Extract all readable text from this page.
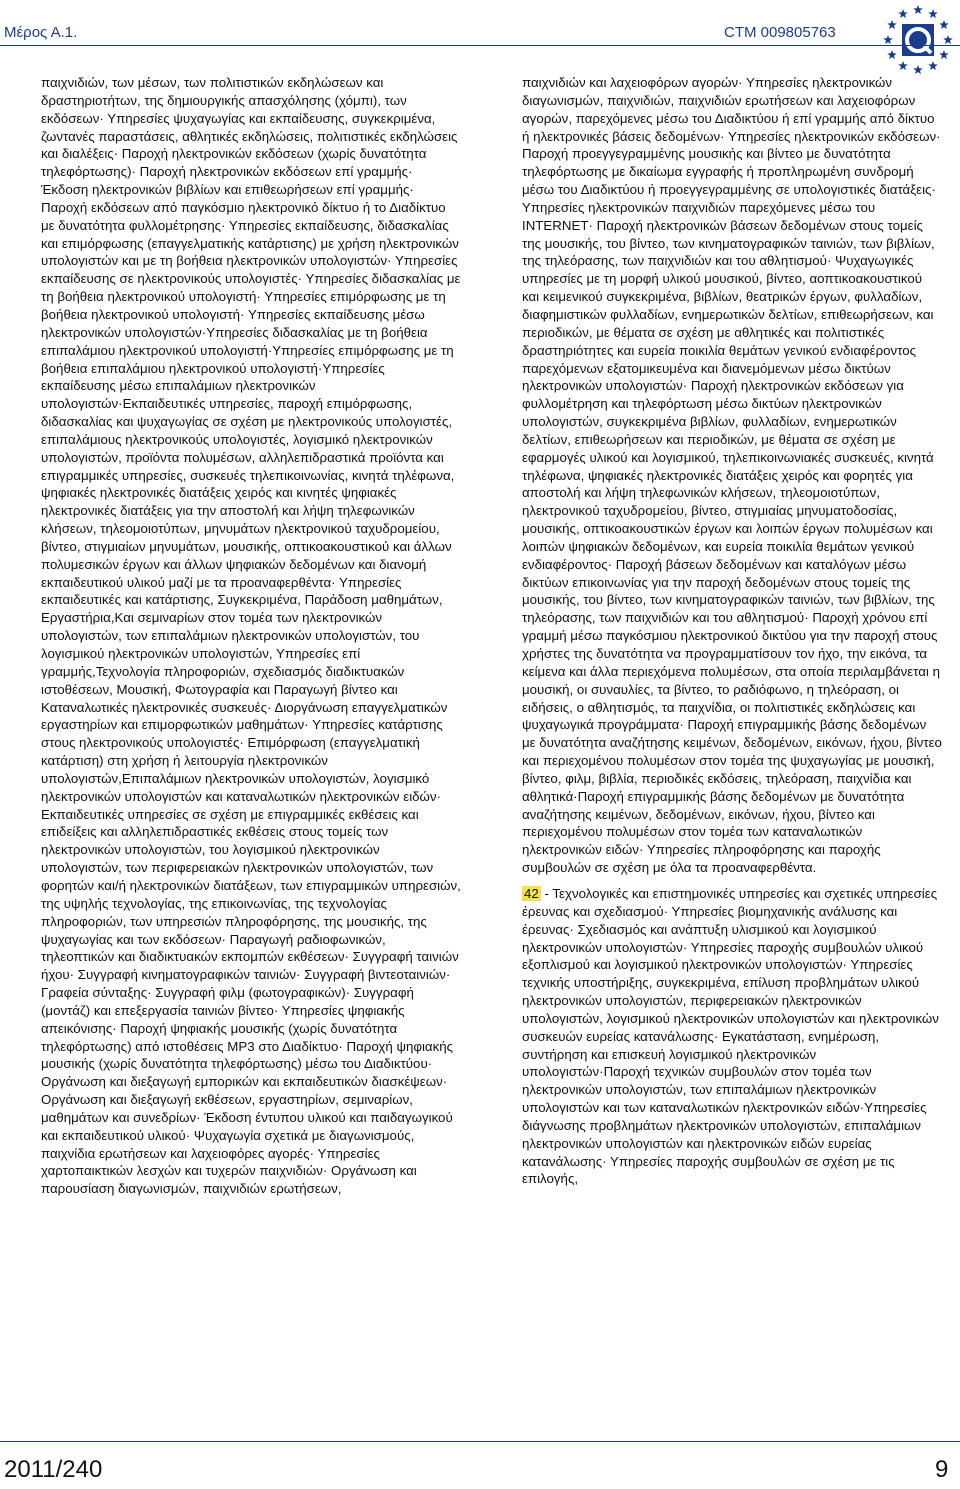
Μέρος Α.1.	CTM 009805763

παιχνιδιών, των μέσων, των πολιτιστικών εκδηλώσεων και δραστηριοτήτων, της δημιουργικής απασχόλησης (χόμπι), των εκδόσεων· Υπηρεσίες ψυχαγωγίας και εκπαίδευσης, συγκεκριμένα, ζωντανές παραστάσεις, αθλητικές εκδηλώσεις, πολιτιστικές εκδηλώσεις και διαλέξεις· Παροχή ηλεκτρονικών εκδόσεων (χωρίς δυνατότητα τηλεφόρτωσης)· Παροχή ηλεκτρονικών εκδόσεων επί γραμμής· Έκδοση ηλεκτρονικών βιβλίων και επιθεωρήσεων επί γραμμής· Παροχή εκδόσεων από παγκόσμιο ηλεκτρονικό δίκτυο ή το Διαδίκτυο με δυνατότητα φυλλομέτρησης· Υπηρεσίες εκπαίδευσης, διδασκαλίας και επιμόρφωσης (επαγγελματικής κατάρτισης) με χρήση ηλεκτρονικών υπολογιστών και με τη βοήθεια ηλεκτρονικών υπολογιστών· Υπηρεσίες εκπαίδευσης σε ηλεκτρονικούς υπολογιστές· Υπηρεσίες διδασκαλίας με τη βοήθεια ηλεκτρονικού υπολογιστή· Υπηρεσίες επιμόρφωσης με τη βοήθεια ηλεκτρονικού υπολογιστή· Υπηρεσίες εκπαίδευσης μέσω ηλεκτρονικών υπολογιστών·Υπηρεσίες διδασκαλίας με τη βοήθεια επιπαλάμιου ηλεκτρονικού υπολογιστή·Υπηρεσίες επιμόρφωσης με τη βοήθεια επιπαλάμιου ηλεκτρονικού υπολογιστή·Υπηρεσίες εκπαίδευσης μέσω επιπαλάμιων ηλεκτρονικών υπολογιστών·Εκπαιδευτικές υπηρεσίες, παροχή επιμόρφωσης, διδασκαλίας και ψυχαγωγίας σε σχέση με ηλεκτρονικούς υπολογιστές, επιπαλάμιους ηλεκτρονικούς υπολογιστές, λογισμικό ηλεκτρονικών υπολογιστών, προϊόντα πολυμέσων, αλληλεπιδραστικά προϊόντα και επιγραμμικές υπηρεσίες, συσκευές τηλεπικοινωνίας, κινητά τηλέφωνα, ψηφιακές ηλεκτρονικές διατάξεις χειρός και κινητές ψηφιακές ηλεκτρονικές διατάξεις για την αποστολή και λήψη τηλεφωνικών κλήσεων, τηλεομοιοτύπων, μηνυμάτων ηλεκτρονικού ταχυδρομείου, βίντεο, στιγμιαίων μηνυμάτων, μουσικής, οπτικοακουστικού και άλλων πολυμεσικών έργων και άλλων ψηφιακών δεδομένων και διανομή εκπαιδευτικού υλικού μαζί με τα προαναφερθέντα· Υπηρεσίες εκπαιδευτικές και κατάρτισης, Συγκεκριμένα, Παράδοση μαθημάτων, Εργαστήρια,Και σεμιναρίων στον τομέα των ηλεκτρονικών υπολογιστών, των επιπαλάμιων ηλεκτρονικών υπολογιστών, του λογισμικού ηλεκτρονικών υπολογιστών, Υπηρεσίες επί γραμμής,Τεχνολογία πληροφοριών, σχεδιασμός διαδικτυακών ιστοθέσεων, Μουσική, Φωτογραφία και Παραγωγή βίντεο και Καταναλωτικές ηλεκτρονικές συσκευές· Διοργάνωση επαγγελματικών εργαστηρίων και επιμορφωτικών μαθημάτων· Υπηρεσίες κατάρτισης στους ηλεκτρονικούς υπολογιστές· Επιμόρφωση (επαγγελματική κατάρτιση) στη χρήση ή λειτουργία ηλεκτρονικών υπολογιστών,Επιπαλάμιων ηλεκτρονικών υπολογιστών, λογισμικό ηλεκτρονικών υπολογιστών και καταναλωτικών ηλεκτρονικών ειδών· Εκπαιδευτικές υπηρεσίες σε σχέση με επιγραμμικές εκθέσεις και επιδείξεις και αλληλεπιδραστικές εκθέσεις στους τομείς των ηλεκτρονικών υπολογιστών, του λογισμικού ηλεκτρονικών υπολογιστών, των περιφερειακών ηλεκτρονικών υπολογιστών, των φορητών και/ή ηλεκτρονικών διατάξεων, των επιγραμμικών υπηρεσιών, της υψηλής τεχνολογίας, της επικοινωνίας, της τεχνολογίας πληροφοριών, των υπηρεσιών πληροφόρησης, της μουσικής, της ψυχαγωγίας και των εκδόσεων· Παραγωγή ραδιοφωνικών, τηλεοπτικών και διαδικτυακών εκπομπών εκθέσεων· Συγγραφή ταινιών ήχου· Συγγραφή κινηματογραφικών ταινιών· Συγγραφή βιντεοταινιών· Γραφεία σύνταξης· Συγγραφή φιλμ (φωτογραφικών)· Συγγραφή (μοντάζ) και επεξεργασία ταινιών βίντεο· Υπηρεσίες ψηφιακής απεικόνισης· Παροχή ψηφιακής μουσικής (χωρίς δυνατότητα τηλεφόρτωσης) από ιστοθέσεις MP3 στο Διαδίκτυο· Παροχή ψηφιακής μουσικής (χωρίς δυνατότητα τηλεφόρτωσης) μέσω του Διαδικτύου· Οργάνωση και διεξαγωγή εμπορικών και εκπαιδευτικών διασκέψεων· Οργάνωση και διεξαγωγή εκθέσεων, εργαστηρίων, σεμιναρίων, μαθημάτων και συνεδρίων· Έκδοση έντυπου υλικού και παιδαγωγικού και εκπαιδευτικού υλικού· Ψυχαγωγία σχετικά με διαγωνισμούς, παιχνίδια ερωτήσεων και λαχειοφόρες αγορές· Υπηρεσίες χαρτοπαικτικών λεσχών και τυχερών παιχνιδιών· Οργάνωση και παρουσίαση διαγωνισμών, παιχνιδιών ερωτήσεων,

παιχνιδιών και λαχειοφόρων αγορών· Υπηρεσίες ηλεκτρονικών διαγωνισμών, παιχνιδιών, παιχνιδιών ερωτήσεων και λαχειοφόρων αγορών, παρεχόμενες μέσω του Διαδικτύου ή επί γραμμής από δίκτυο ή ηλεκτρονικές βάσεις δεδομένων· Υπηρεσίες ηλεκτρονικών εκδόσεων· Παροχή προεγγεγραμμένης μουσικής και βίντεο με δυνατότητα τηλεφόρτωσης με δικαίωμα εγγραφής ή προπληρωμένη συνδρομή μέσω του Διαδικτύου ή προεγγεγραμμένης σε υπολογιστικές διατάξεις· Υπηρεσίες ηλεκτρονικών παιχνιδιών παρεχόμενες μέσω του INTERNET· Παροχή ηλεκτρονικών βάσεων δεδομένων στους τομείς της μουσικής, του βίντεο, των κινηματογραφικών ταινιών, των βιβλίων, της τηλεόρασης, των παιχνιδιών και του αθλητισμού· Ψυχαγωγικές υπηρεσίες με τη μορφή υλικού μουσικού, βίντεο, αοπτικοακουστικού και κειμενικού συγκεκριμένα, βιβλίων, θεατρικών έργων, φυλλαδίων, διαφημιστικών φυλλαδίων, ενημερωτικών δελτίων, επιθεωρήσεων, και περιοδικών, με θέματα σε σχέση με αθλητικές και πολιτιστικές δραστηριότητες και ευρεία ποικιλία θεμάτων γενικού ενδιαφέροντος παρεχόμενων εξατομικευμένα και διανεμόμενων μέσω δικτύων ηλεκτρονικών υπολογιστών· Παροχή ηλεκτρονικών εκδόσεων για φυλλομέτρηση και τηλεφόρτωση μέσω δικτύων ηλεκτρονικών υπολογιστών, συγκεκριμένα βιβλίων, φυλλαδίων, ενημερωτικών δελτίων, επιθεωρήσεων και περιοδικών, με θέματα σε σχέση με εφαρμογές υλικού και λογισμικού, τηλεπικοινωνιακές συσκευές, κινητά τηλέφωνα, ψηφιακές ηλεκτρονικές διατάξεις χειρός και φορητές για αποστολή και λήψη τηλεφωνικών κλήσεων, τηλεομοιοτύπων, ηλεκτρονικού ταχυδρομείου, βίντεο, στιγμιαίας μηνυματοδοσίας, μουσικής, οπτικοακουστικών έργων και λοιπών έργων πολυμέσων και λοιπών ψηφιακών δεδομένων, και ευρεία ποικιλία θεμάτων γενικού ενδιαφέροντος· Παροχή βάσεων δεδομένων και καταλόγων μέσω δικτύων επικοινωνίας για την παροχή δεδομένων στους τομείς της μουσικής, του βίντεο, των κινηματογραφικών ταινιών, των βιβλίων, της τηλεόρασης, των παιχνιδιών και του αθλητισμού· Παροχή χρόνου επί γραμμή μέσω παγκόσμιου ηλεκτρονικού δικτύου για την παροχή στους χρήστες της δυνατότητα να προγραμματίσουν τον ήχο, την εικόνα, τα κείμενα και άλλα περιεχόμενα πολυμέσων, στα οποία περιλαμβάνεται η μουσική, οι συναυλίες, τα βίντεο, το ραδιόφωνο, η τηλεόραση, οι ειδήσεις, ο αθλητισμός, τα παιχνίδια, οι πολιτιστικές εκδηλώσεις και ψυχαγωγικά προγράμματα· Παροχή επιγραμμικής βάσης δεδομένων με δυνατότητα αναζήτησης κειμένων, δεδομένων, εικόνων, ήχου, βίντεο και περιεχομένου πολυμέσων στον τομέα της ψυχαγωγίας με μουσική, βίντεο, φιλμ, βιβλία, περιοδικές εκδόσεις, τηλεόραση, παιχνίδια και αθλητικά·Παροχή επιγραμμικής βάσης δεδομένων με δυνατότητα αναζήτησης κειμένων, δεδομένων, εικόνων, ήχου, βίντεο και περιεχομένου πολυμέσων στον τομέα των καταναλωτικών ηλεκτρονικών ειδών· Υπηρεσίες πληροφόρησης και παροχής συμβουλών σε σχέση με όλα τα προαναφερθέντα.

42 - Τεχνολογικές και επιστημονικές υπηρεσίες και σχετικές υπηρεσίες έρευνας και σχεδιασμού· Υπηρεσίες βιομηχανικής ανάλυσης και έρευνας· Σχεδιασμός και ανάπτυξη υλισμικού και λογισμικού ηλεκτρονικών υπολογιστών· Υπηρεσίες παροχής συμβουλών υλικού εξοπλισμού και λογισμικού ηλεκτρονικών υπολογιστών· Υπηρεσίες τεχνικής υποστήριξης, συγκεκριμένα, επίλυση προβλημάτων υλικού ηλεκτρονικών υπολογιστών, περιφερειακών ηλεκτρονικών υπολογιστών, λογισμικού ηλεκτρονικών υπολογιστών και ηλεκτρονικών συσκευών ευρείας κατανάλωσης· Εγκατάσταση, ενημέρωση, συντήρηση και επισκευή λογισμικού ηλεκτρονικών υπολογιστών·Παροχή τεχνικών συμβουλών στον τομέα των ηλεκτρονικών υπολογιστών, των επιπαλάμιων ηλεκτρονικών υπολογιστών και των καταναλωτικών ηλεκτρονικών ειδών·Υπηρεσίες διάγνωσης προβλημάτων ηλεκτρονικών υπολογιστών, επιπαλάμιων ηλεκτρονικών υπολογιστών και ηλεκτρονικών ειδών ευρείας κατανάλωσης· Υπηρεσίες παροχής συμβουλών σε σχέση με τις επιλογής,

2011/240	9
